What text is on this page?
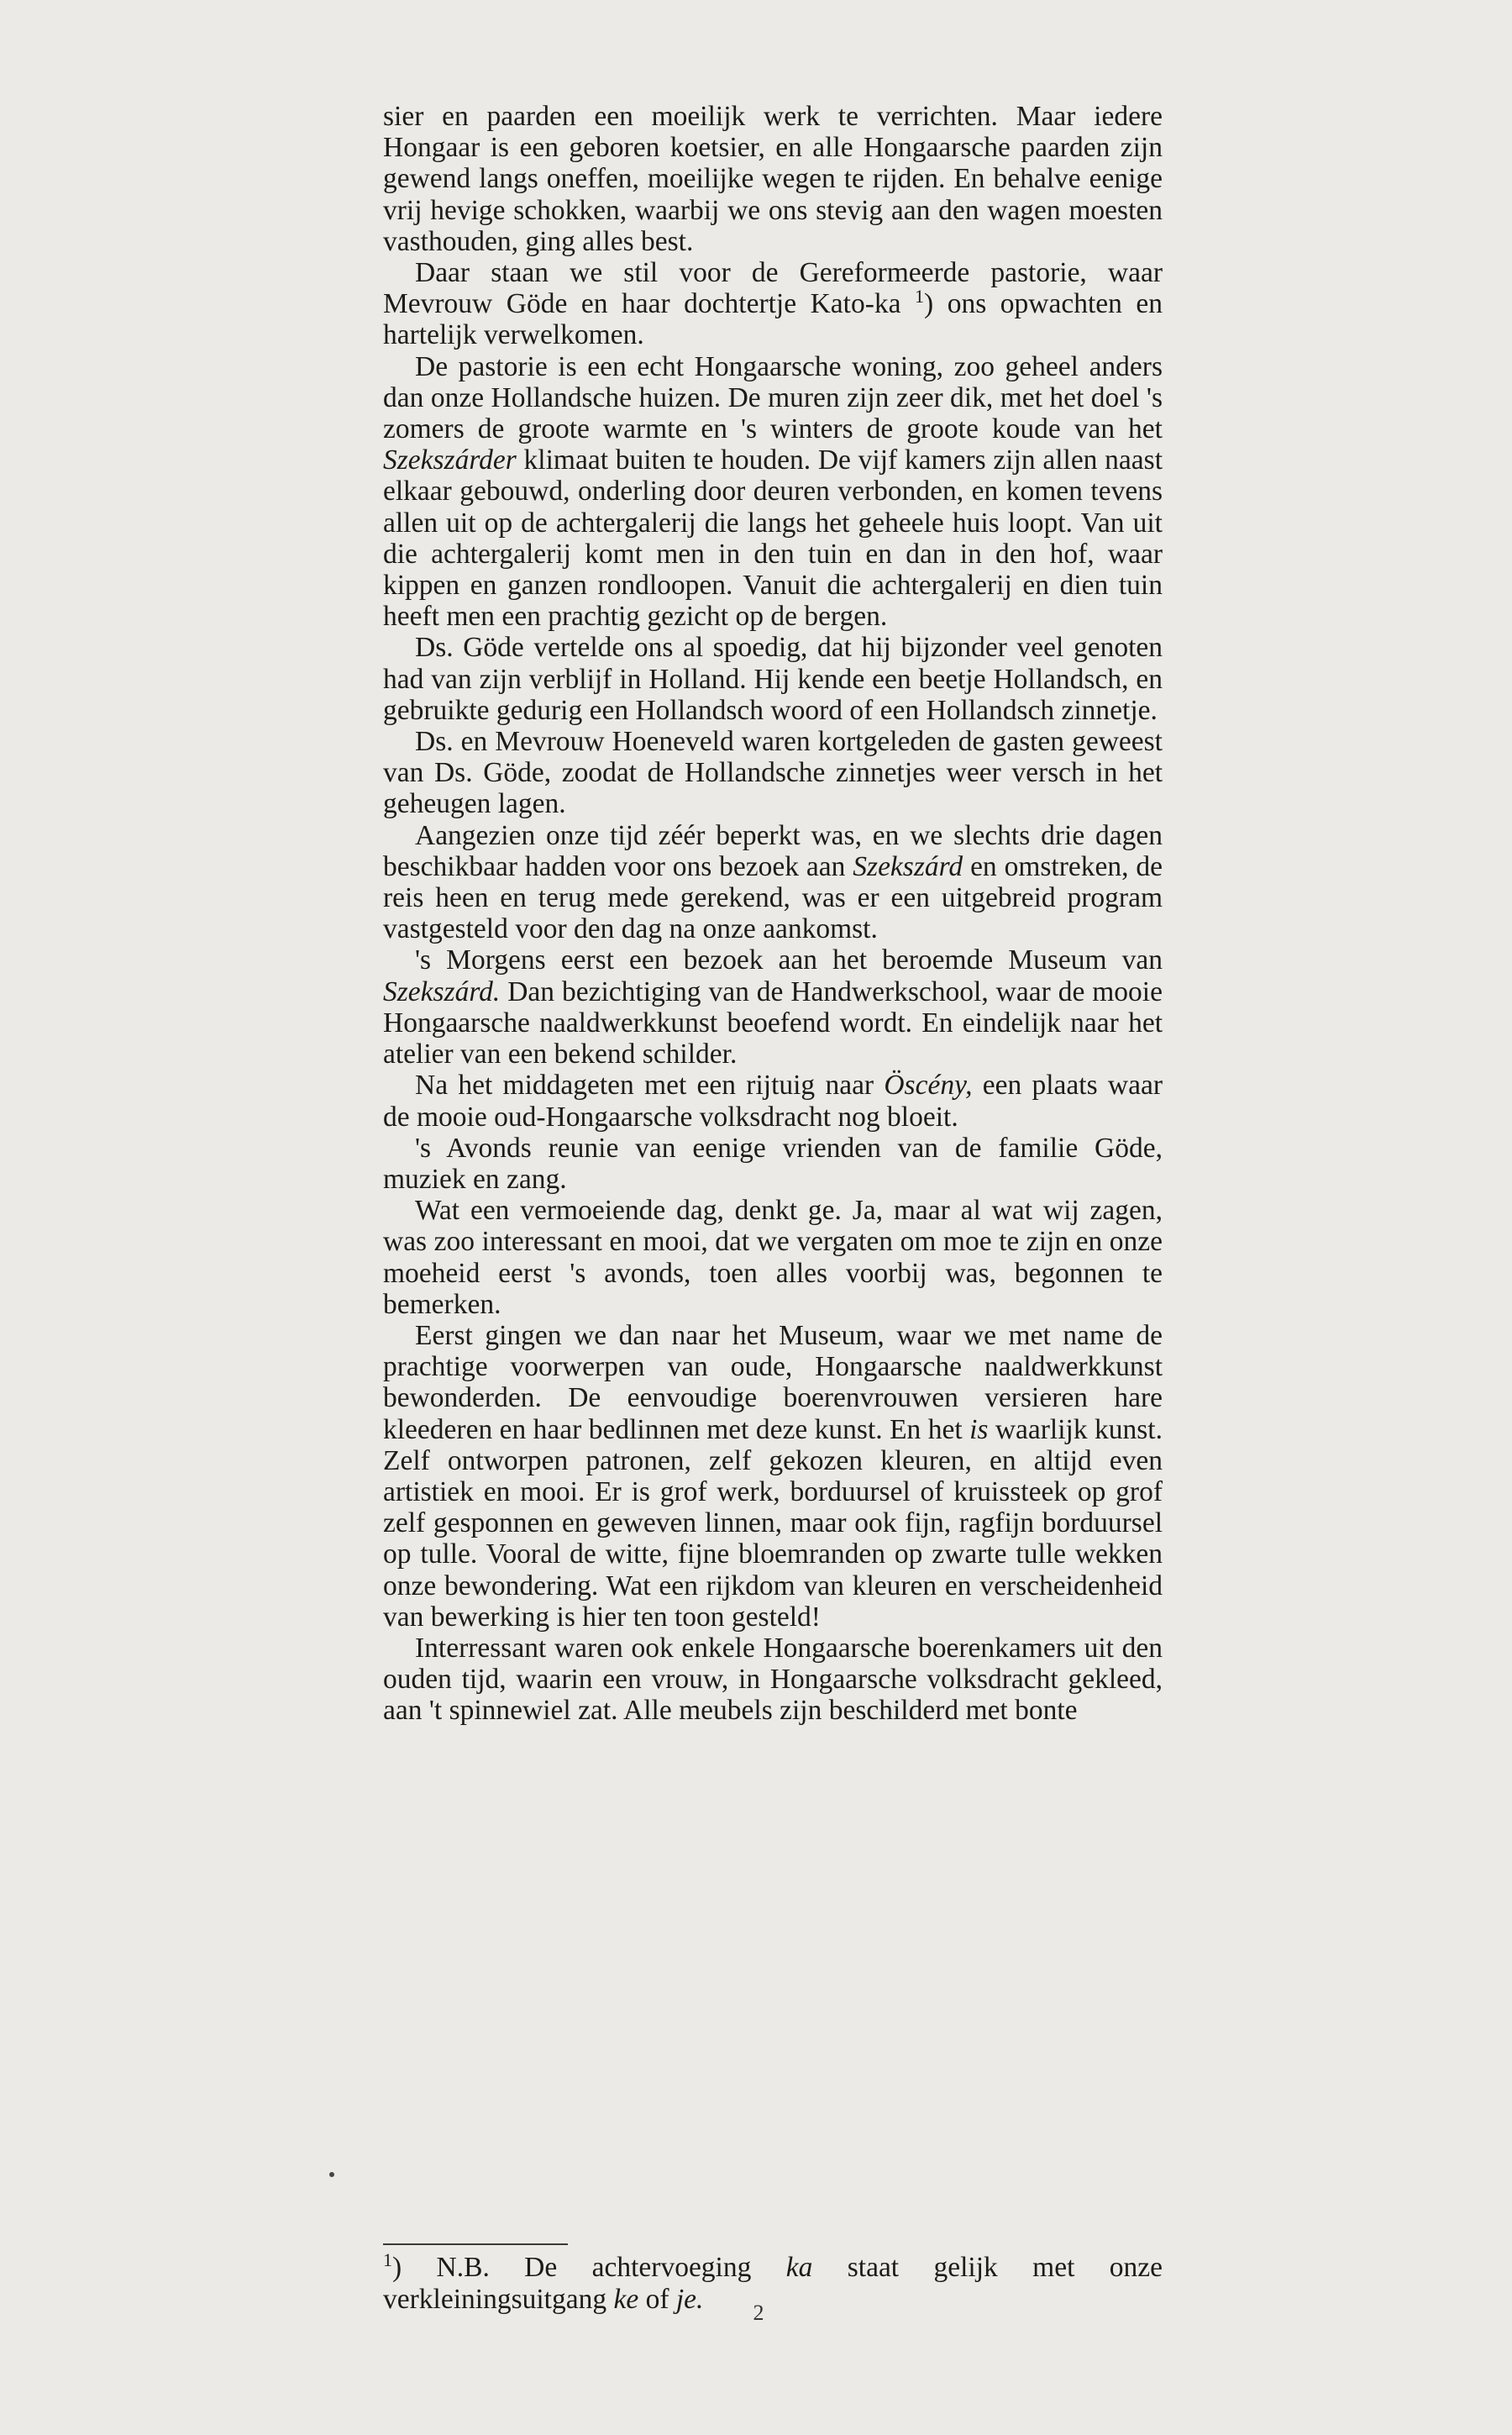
sier en paarden een moeilijk werk te verrichten. Maar iedere Hongaar is een geboren koetsier, en alle Hongaarsche paarden zijn gewend langs oneffen, moeilijke wegen te rijden. En behalve eenige vrij hevige schokken, waarbij we ons stevig aan den wagen moesten vasthouden, ging alles best.

Daar staan we stil voor de Gereformeerde pastorie, waar Mevrouw Göde en haar dochtertje Kato-ka $^1$) ons opwachten en hartelijk verwelkomen.

De pastorie is een echt Hongaarsche woning, zoo geheel anders dan onze Hollandsche huizen. De muren zijn zeer dik, met het doel 's zomers de groote warmte en 's winters de groote koude van het Szekszárder klimaat buiten te houden. De vijf kamers zijn allen naast elkaar gebouwd, onderling door deuren verbonden, en komen tevens allen uit op de achtergalerij die langs het geheele huis loopt. Van uit die achtergalerij komt men in den tuin en dan in den hof, waar kippen en ganzen rondloopen. Vanuit die achtergalerij en dien tuin heeft men een prachtig gezicht op de bergen.

Ds. Göde vertelde ons al spoedig, dat hij bijzonder veel genoten had van zijn verblijf in Holland. Hij kende een beetje Hollandsch, en gebruikte gedurig een Hollandsch woord of een Hollandsch zinnetje.

Ds. en Mevrouw Hoeneveld waren kortgeleden de gasten geweest van Ds. Göde, zoodat de Hollandsche zinnetjes weer versch in het geheugen lagen.

Aangezien onze tijd zéér beperkt was, en we slechts drie dagen beschikbaar hadden voor ons bezoek aan Szekszárd en omstreken, de reis heen en terug mede gerekend, was er een uitgebreid program vastgesteld voor den dag na onze aankomst.

's Morgens eerst een bezoek aan het beroemde Museum van Szekszárd. Dan bezichtiging van de Handwerkschool, waar de mooie Hongaarsche naaldwerkkunst beoefend wordt. En eindelijk naar het atelier van een bekend schilder.

Na het middageten met een rijtuig naar Öscény, een plaats waar de mooie oud-Hongaarsche volksdracht nog bloeit.

's Avonds reunie van eenige vrienden van de familie Göde, muziek en zang.

Wat een vermoeiende dag, denkt ge. Ja, maar al wat wij zagen, was zoo interessant en mooi, dat we vergaten om moe te zijn en onze moeheid eerst 's avonds, toen alles voorbij was, begonnen te bemerken.

Eerst gingen we dan naar het Museum, waar we met name de prachtige voorwerpen van oude, Hongaarsche naaldwerkkunst bewonderden. De eenvoudige boerenvrouwen versieren hare kleederen en haar bedlinnen met deze kunst. En het is waarlijk kunst. Zelf ontworpen patronen, zelf gekozen kleuren, en altijd even artistiek en mooi. Er is grof werk, borduursel of kruissteek op grof zelf gesponnen en geweven linnen, maar ook fijn, ragfijn borduursel op tulle. Vooral de witte, fijne bloemranden op zwarte tulle wekken onze bewondering. Wat een rijkdom van kleuren en verscheidenheid van bewerking is hier ten toon gesteld!

Interressant waren ook enkele Hongaarsche boerenkamers uit den ouden tijd, waarin een vrouw, in Hongaarsche volksdracht gekleed, aan 't spinnewiel zat. Alle meubels zijn beschilderd met bonte

$^1$) N.B. De achtervoeging ka staat gelijk met onze verkleiningsuitgang ke of je.	2
